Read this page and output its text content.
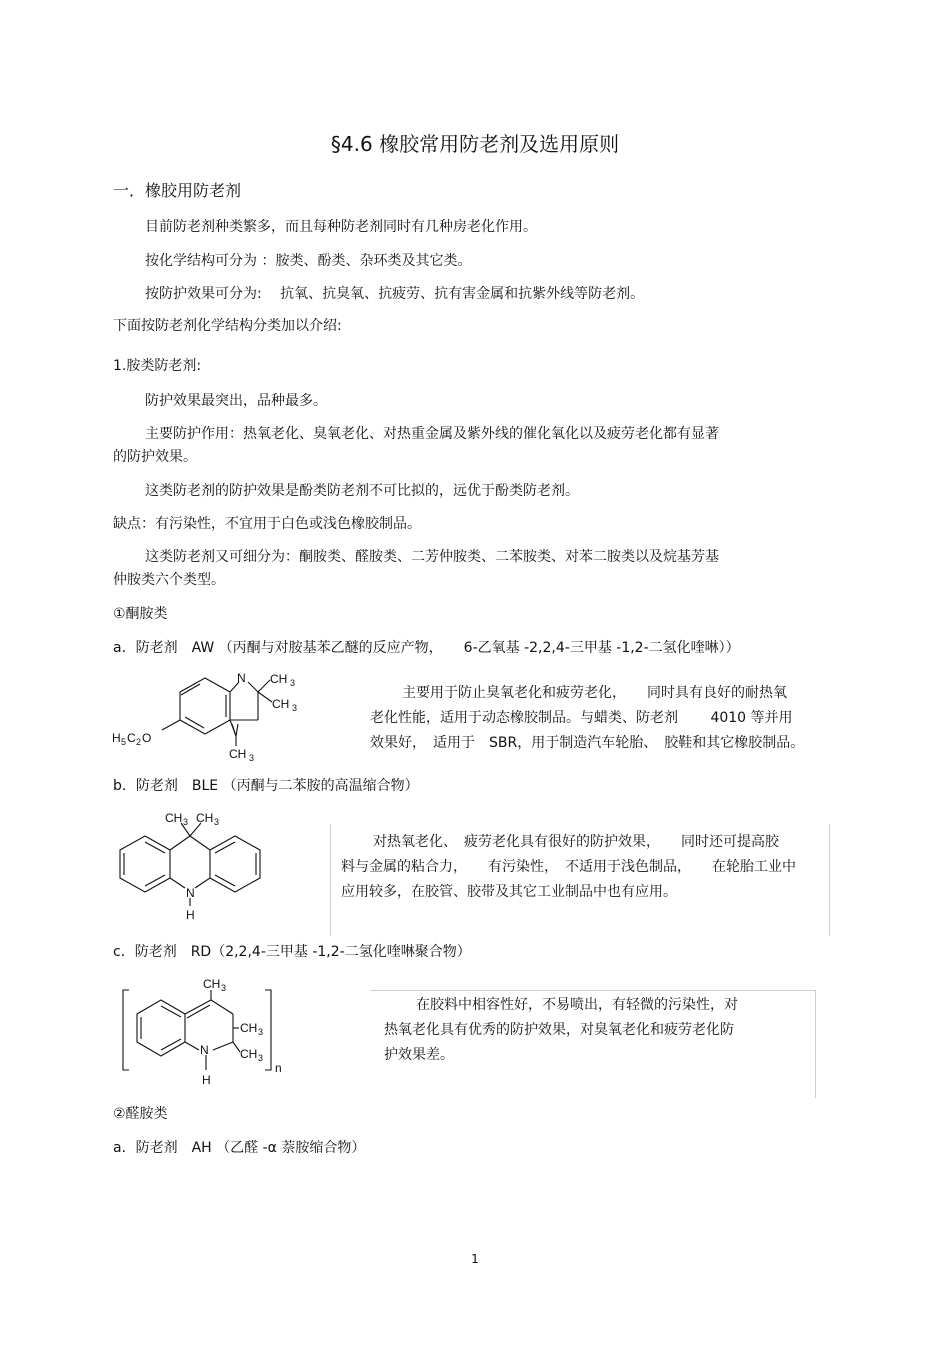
§4.6 橡胶常用防老剂及选用原则
一．橡胶用防老剂
目前防老剂种类繁多，而且每种防老剂同时有几种房老化作用。
按化学结构可分为 ：胺类、酚类、杂环类及其它类。
按防护效果可分为:　 抗氧、抗臭氧、抗疲劳、抗有害金属和抗紫外线等防老剂。
下面按防老剂化学结构分类加以介绍:
1.胺类防老剂:
防护效果最突出，品种最多。
主要防护作用：热氧老化、臭氧老化、对热重金属及紫外线的催化氧化以及疲劳老化都有显著
的防护效果。
这类防老剂的防护效果是酚类防老剂不可比拟的，远优于酚类防老剂。
缺点：有污染性，不宜用于白色或浅色橡胶制品。
这类防老剂又可细分为：酮胺类、醛胺类、二芳仲胺类、二苯胺类、对苯二胺类以及烷基芳基
仲胺类六个类型。
①酮胺类
a．防老剂　AW （丙酮与对胺基苯乙醚的反应产物，　　6-乙氧基 -2,2,4-三甲基 -1,2-二氢化喹啉））
N CH 3
CH 3
CH 3
H 5 C 2 O
主要用于防止臭氧老化和疲劳老化，　　同时具有良好的耐热氧
老化性能，适用于动态橡胶制品。与蜡类、防老剂　　 4010 等并用
效果好，　适用于　SBR，用于制造汽车轮胎、　胶鞋和其它橡胶制品。
b．防老剂　BLE （丙酮与二苯胺的高温缩合物）
CH 3 CH 3
N
H
对热氧老化、　疲劳老化具有很好的防护效果，　　同时还可提高胶
料与金属的粘合力，　　有污染性，　不适用于浅色制品，　　在轮胎工业中
应用较多，在胶管、胶带及其它工业制品中也有应用。
c．防老剂　RD（2,2,4-三甲基 -1,2-二氢化喹啉聚合物）
CH 3
CH 3
CH 3
N
H
n
在胶料中相容性好，不易喷出，有轻微的污染性，对
热氧老化具有优秀的防护效果，对臭氧老化和疲劳老化防
护效果差。
②醛胺类
a．防老剂　AH （乙醛 -α 萘胺缩合物）
1
